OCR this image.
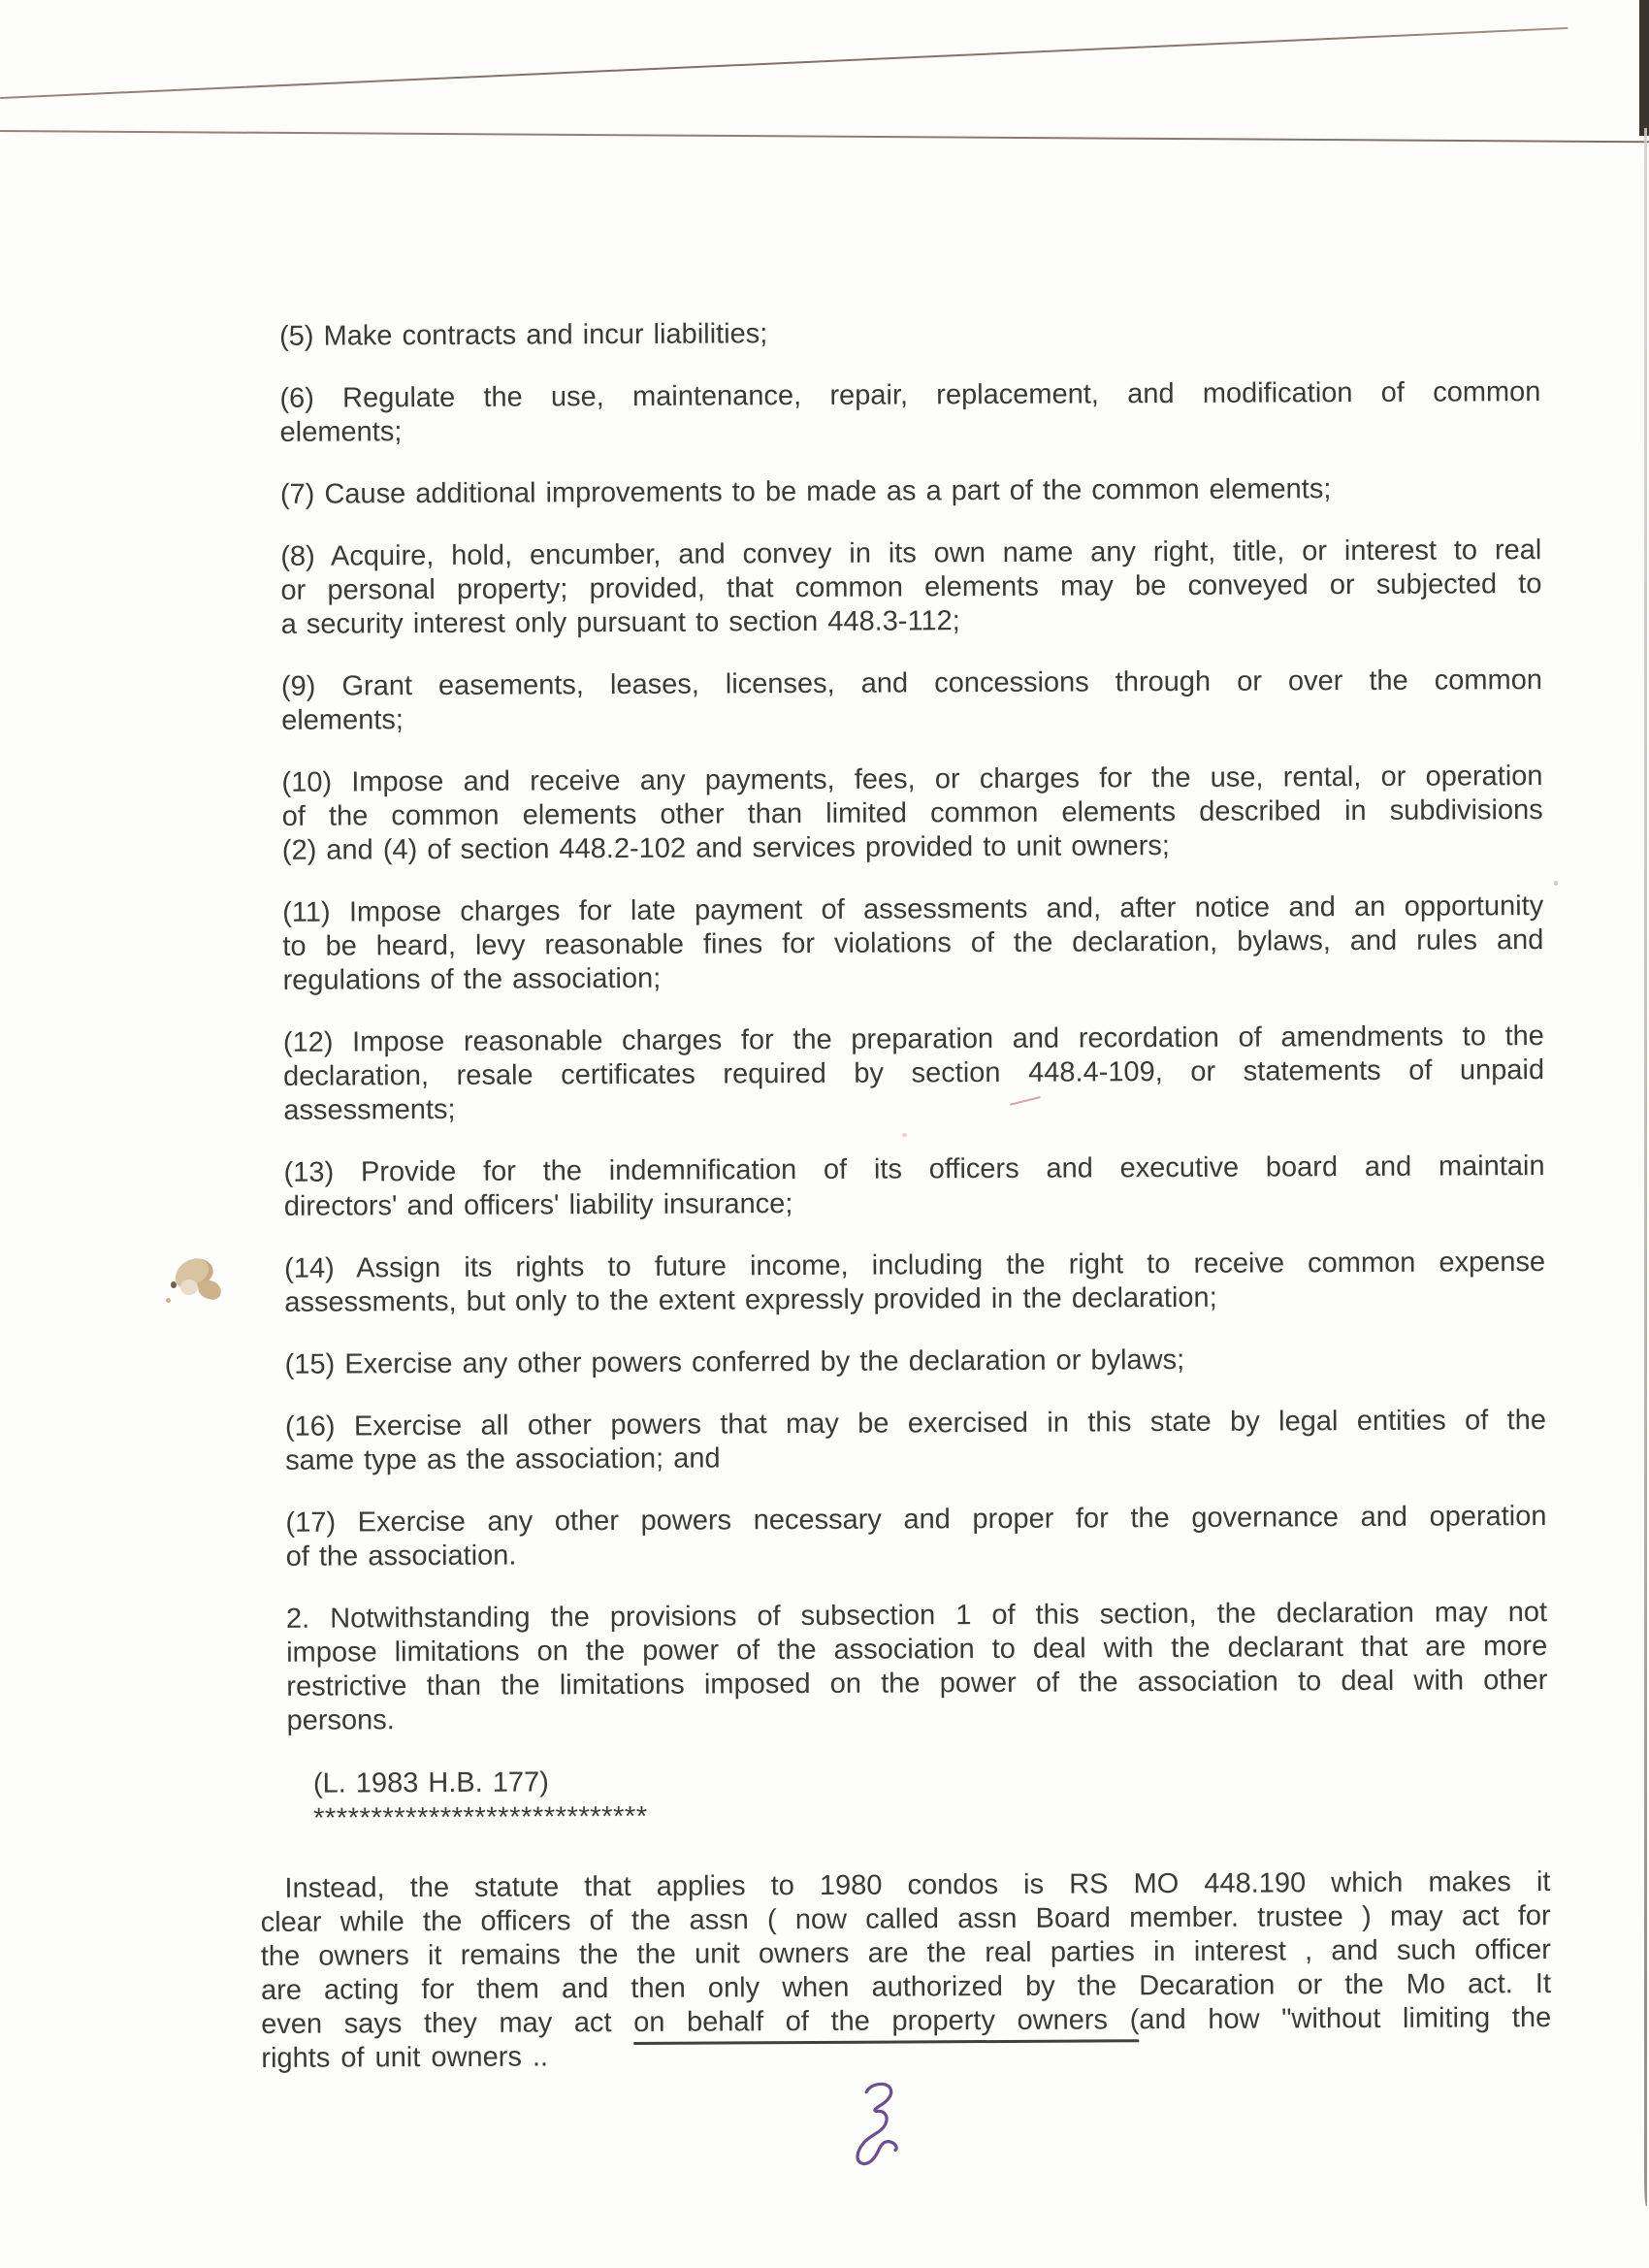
(5) Make contracts and incur liabilities;
(6) Regulate the use, maintenance, repair, replacement, and modification of common
elements;
(7) Cause additional improvements to be made as a part of the common elements;
(8) Acquire, hold, encumber, and convey in its own name any right, title, or interest to real
or personal property; provided, that common elements may be conveyed or subjected to
a security interest only pursuant to section 448.3-112;
(9) Grant easements, leases, licenses, and concessions through or over the common
elements;
(10) Impose and receive any payments, fees, or charges for the use, rental, or operation
of the common elements other than limited common elements described in subdivisions
(2) and (4) of section 448.2-102 and services provided to unit owners;
(11) Impose charges for late payment of assessments and, after notice and an opportunity
to be heard, levy reasonable fines for violations of the declaration, bylaws, and rules and
regulations of the association;
(12) Impose reasonable charges for the preparation and recordation of amendments to the
declaration, resale certificates required by section 448.4-109, or statements of unpaid
assessments;
(13) Provide for the indemnification of its officers and executive board and maintain
directors' and officers' liability insurance;
(14) Assign its rights to future income, including the right to receive common expense
assessments, but only to the extent expressly provided in the declaration;
(15) Exercise any other powers conferred by the declaration or bylaws;
(16) Exercise all other powers that may be exercised in this state by legal entities of the
same type as the association; and
(17) Exercise any other powers necessary and proper for the governance and operation
of the association.
2. Notwithstanding the provisions of subsection 1 of this section, the declaration may not
impose limitations on the power of the association to deal with the declarant that are more
restrictive than the limitations imposed on the power of the association to deal with other
persons.
(L. 1983 H.B. 177)
*****************************
Instead, the statute that applies to 1980 condos is RS MO 448.190 which makes it
clear while the officers of the assn ( now called assn Board member. trustee ) may act for
the owners it remains the the unit owners are the real parties in interest , and such officer
are acting for them and then only when authorized by the Decaration or the Mo act. It
even says they may act on behalf of the property owners (and how "without limiting the
rights of unit owners ..
